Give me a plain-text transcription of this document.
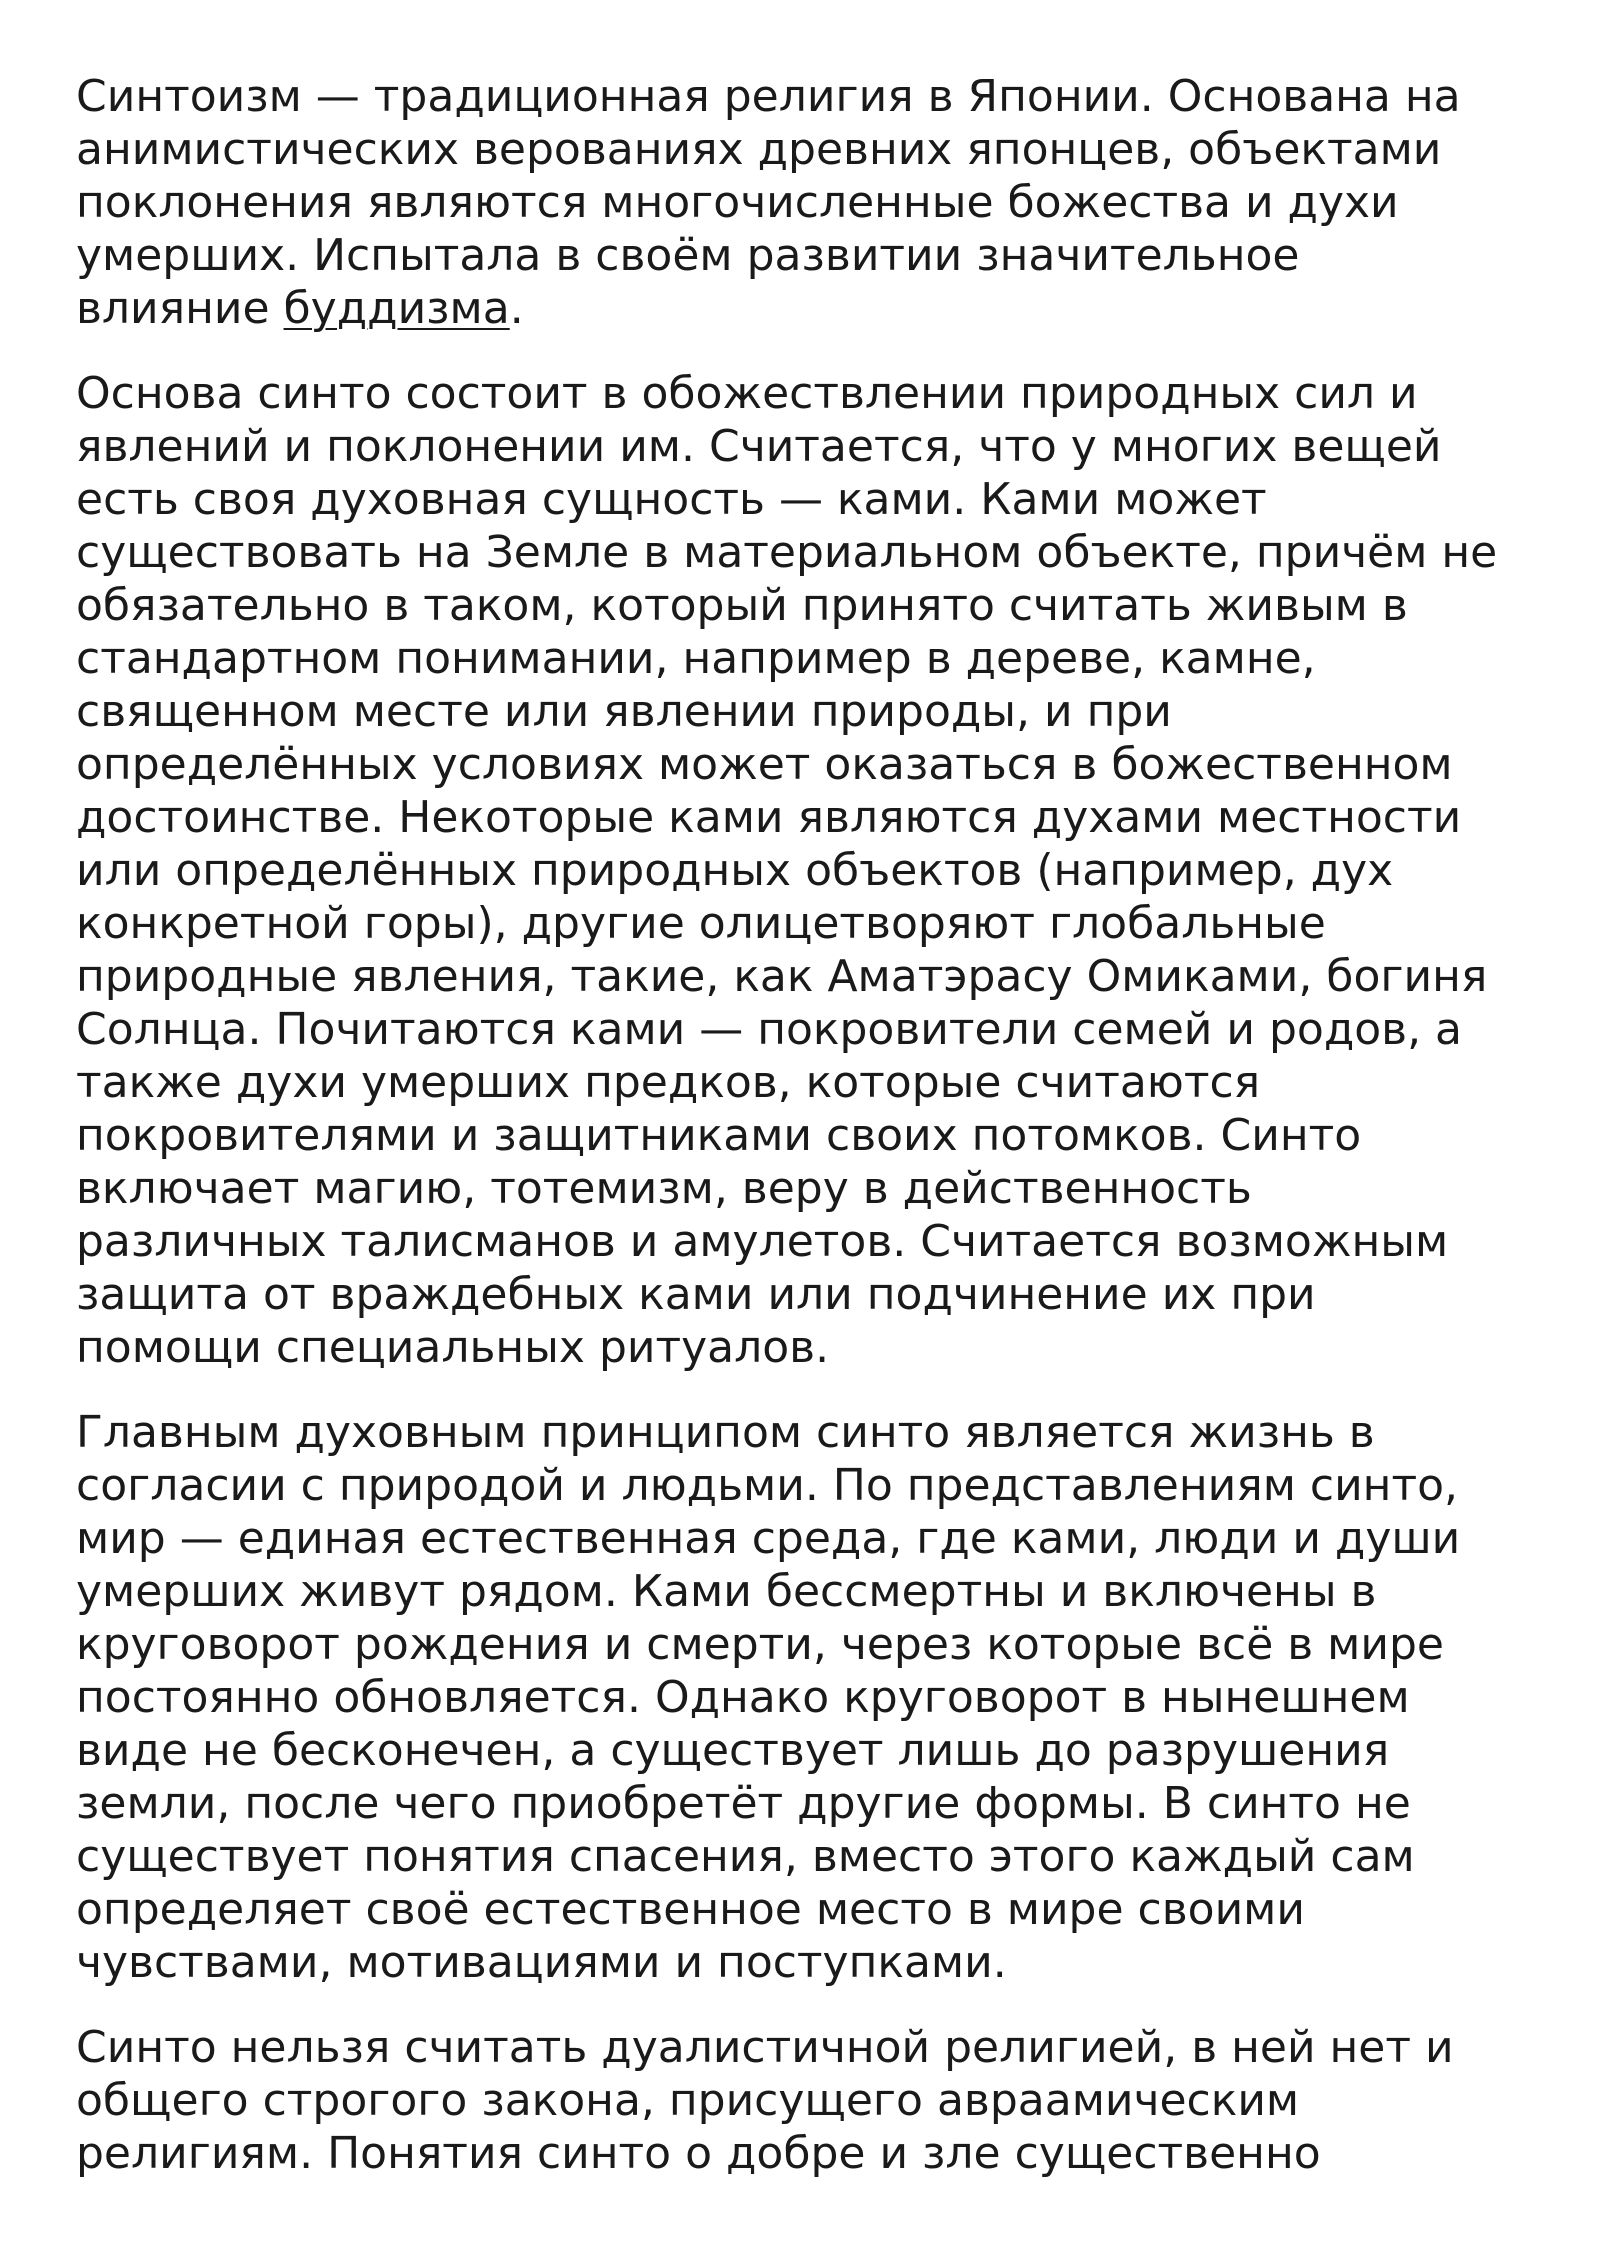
Синтоизм — традиционная религия в Японии. Основана на
анимистических верованиях древних японцев, объектами
поклонения являются многочисленные божества и духи
умерших. Испытала в своём развитии значительное
влияние буддизма.

Основа синто состоит в обожествлении природных сил и
явлений и поклонении им. Считается, что у многих вещей
есть своя духовная сущность — ками. Ками может
существовать на Земле в материальном объекте, причём не
обязательно в таком, который принято считать живым в
стандартном понимании, например в дереве, камне,
священном месте или явлении природы, и при
определённых условиях может оказаться в божественном
достоинстве. Некоторые ками являются духами местности
или определённых природных объектов (например, дух
конкретной горы), другие олицетворяют глобальные
природные явления, такие, как Аматэрасу Омиками, богиня
Солнца. Почитаются ками — покровители семей и родов, а
также духи умерших предков, которые считаются
покровителями и защитниками своих потомков. Синто
включает магию, тотемизм, веру в действенность
различных талисманов и амулетов. Считается возможным
защита от враждебных ками или подчинение их при
помощи специальных ритуалов.

Главным духовным принципом синто является жизнь в
согласии с природой и людьми. По представлениям синто,
мир — единая естественная среда, где ками, люди и души
умерших живут рядом. Ками бессмертны и включены в
круговорот рождения и смерти, через которые всё в мире
постоянно обновляется. Однако круговорот в нынешнем
виде не бесконечен, а существует лишь до разрушения
земли, после чего приобретёт другие формы. В синто не
существует понятия спасения, вместо этого каждый сам
определяет своё естественное место в мире своими
чувствами, мотивациями и поступками.

Синто нельзя считать дуалистичной религией, в ней нет и
общего строгого закона, присущего авраамическим
религиям. Понятия синто о добре и зле существенно
